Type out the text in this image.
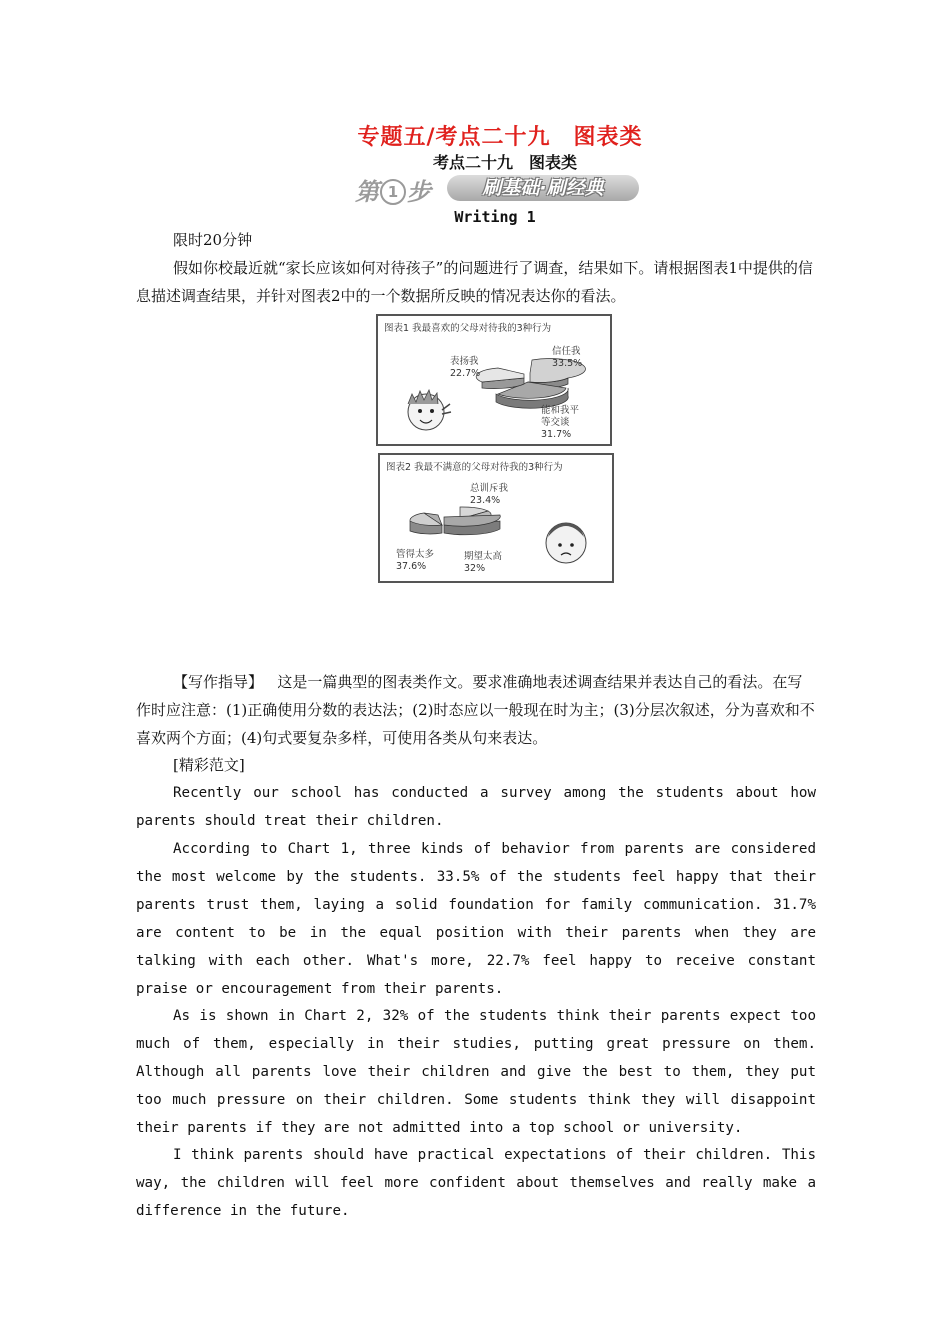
专题五/考点二十九　图表类
考点二十九　图表类
第 1 步	刷基础·刷经典
Writing 1

限时20分钟

假如你校最近就“家长应该如何对待孩子”的问题进行了调查，结果如下。请根据图表1中提供的信息描述调查结果，并针对图表2中的一个数据所反映的情况表达你的看法。

图表1 我最喜欢的父母对待我的3种行为
表扬我
22.7%
信任我
33.5%
能和我平
等交谈
31.7%
图表2 我最不满意的父母对待我的3种行为
总训斥我
23.4%
管得太多
37.6%
期望太高
32%

【写作指导】 这是一篇典型的图表类作文。要求准确地表述调查结果并表达自己的看法。在写作时应注意：(1)正确使用分数的表达法；(2)时态应以一般现在时为主；(3)分层次叙述，分为喜欢和不喜欢两个方面；(4)句式要复杂多样，可使用各类从句来表达。

[精彩范文]

Recently our school has conducted a survey among the students about how parents should treat their children.

According to Chart 1, three kinds of behavior from parents are considered the most welcome by the students. 33.5% of the students feel happy that their parents trust them, laying a solid foundation for family communication. 31.7% are content to be in the equal position with their parents when they are talking with each other. What's more, 22.7% feel happy to receive constant praise or encouragement from their parents.

As is shown in Chart 2, 32% of the students think their parents expect too much of them, especially in their studies, putting great pressure on them. Although all parents love their children and give the best to them, they put too much pressure on their children. Some students think they will disappoint their parents if they are not admitted into a top school or university.

I think parents should have practical expectations of their children. This way, the children will feel more confident about themselves and really make a difference in the future.
